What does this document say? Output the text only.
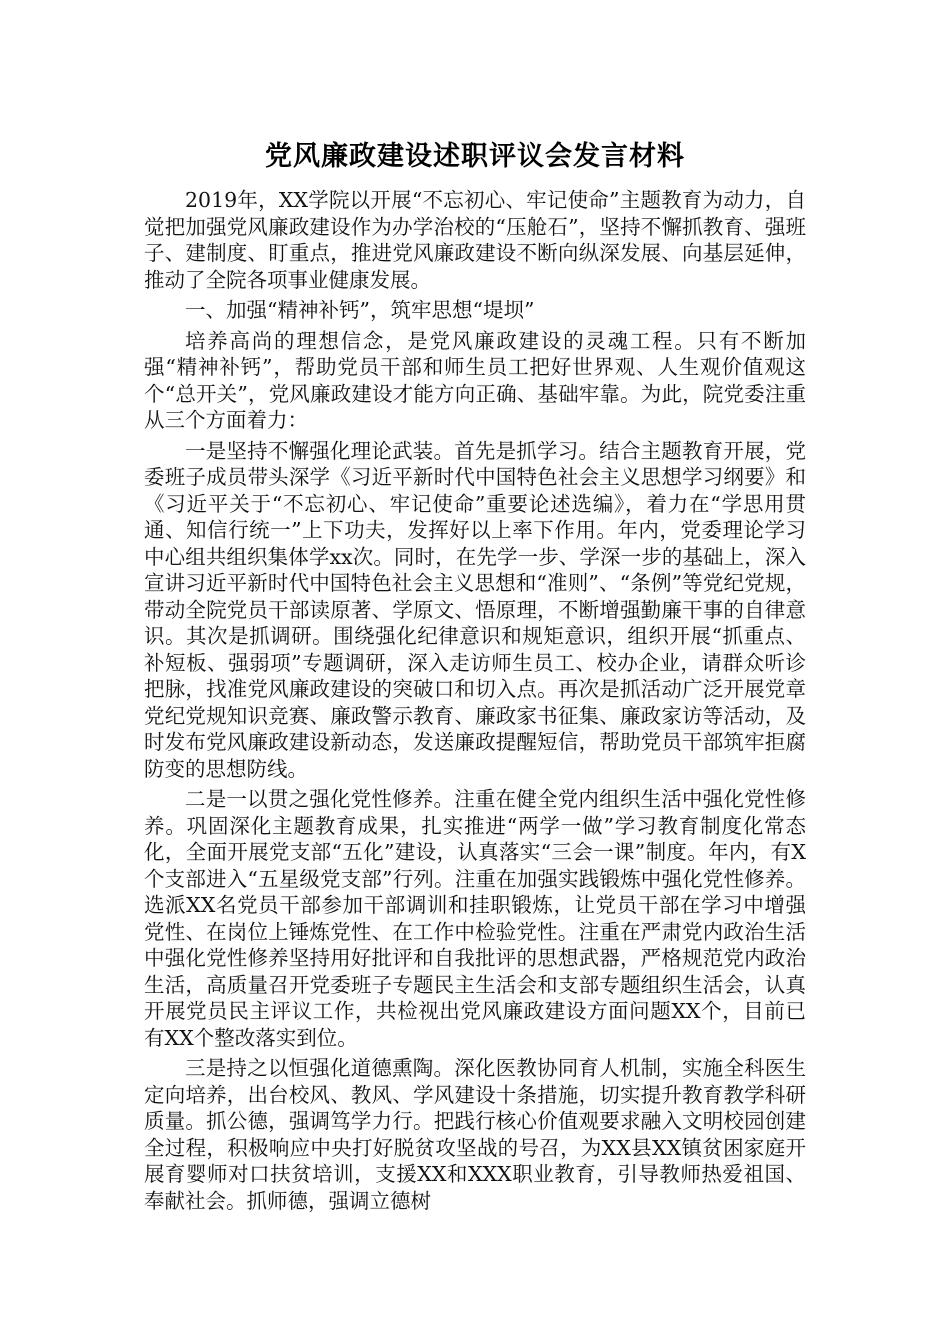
党风廉政建设述职评议会发言材料

2019年，XX学院以开展“不忘初心、牢记使命”主题教育为动力，自觉把加强党风廉政建设作为办学治校的“压舱石”，坚持不懈抓教育、强班子、建制度、盯重点，推进党风廉政建设不断向纵深发展、向基层延伸，推动了全院各项事业健康发展。

一、加强“精神补钙”，筑牢思想“堤坝”

培养高尚的理想信念，是党风廉政建设的灵魂工程。只有不断加强“精神补钙”，帮助党员干部和师生员工把好世界观、人生观价值观这个“总开关”，党风廉政建设才能方向正确、基础牢靠。为此，院党委注重从三个方面着力：

一是坚持不懈强化理论武装。首先是抓学习。结合主题教育开展，党委班子成员带头深学《习近平新时代中国特色社会主义思想学习纲要》和《习近平关于“不忘初心、牢记使命”重要论述选编》，着力在“学思用贯通、知信行统一”上下功夫，发挥好以上率下作用。年内，党委理论学习中心组共组织集体学xx次。同时，在先学一步、学深一步的基础上，深入宣讲习近平新时代中国特色社会主义思想和“准则”、“条例”等党纪党规，带动全院党员干部读原著、学原文、悟原理，不断增强勤廉干事的自律意识。其次是抓调研。围绕强化纪律意识和规矩意识，组织开展“抓重点、补短板、强弱项”专题调研，深入走访师生员工、校办企业，请群众听诊把脉，找准党风廉政建设的突破口和切入点。再次是抓活动广泛开展党章党纪党规知识竞赛、廉政警示教育、廉政家书征集、廉政家访等活动，及时发布党风廉政建设新动态，发送廉政提醒短信，帮助党员干部筑牢拒腐防变的思想防线。

二是一以贯之强化党性修养。注重在健全党内组织生活中强化党性修养。巩固深化主题教育成果，扎实推进“两学一做”学习教育制度化常态化，全面开展党支部“五化”建设，认真落实“三会一课”制度。年内，有X个支部进入“五星级党支部”行列。注重在加强实践锻炼中强化党性修养。选派XX名党员干部参加干部调训和挂职锻炼，让党员干部在学习中增强党性、在岗位上锤炼党性、在工作中检验党性。注重在严肃党内政治生活中强化党性修养坚持用好批评和自我批评的思想武器，严格规范党内政治生活，高质量召开党委班子专题民主生活会和支部专题组织生活会，认真开展党员民主评议工作，共检视出党风廉政建设方面问题XX个，目前已有XX个整改落实到位。

三是持之以恒强化道德熏陶。深化医教协同育人机制，实施全科医生定向培养，出台校风、教风、学风建设十条措施，切实提升教育教学科研质量。抓公德，强调笃学力行。把践行核心价值观要求融入文明校园创建全过程，积极响应中央打好脱贫攻坚战的号召，为XX县XX镇贫困家庭开展育婴师对口扶贫培训，支援XX和XXX职业教育，引导教师热爱祖国、奉献社会。抓师德，强调立德树
